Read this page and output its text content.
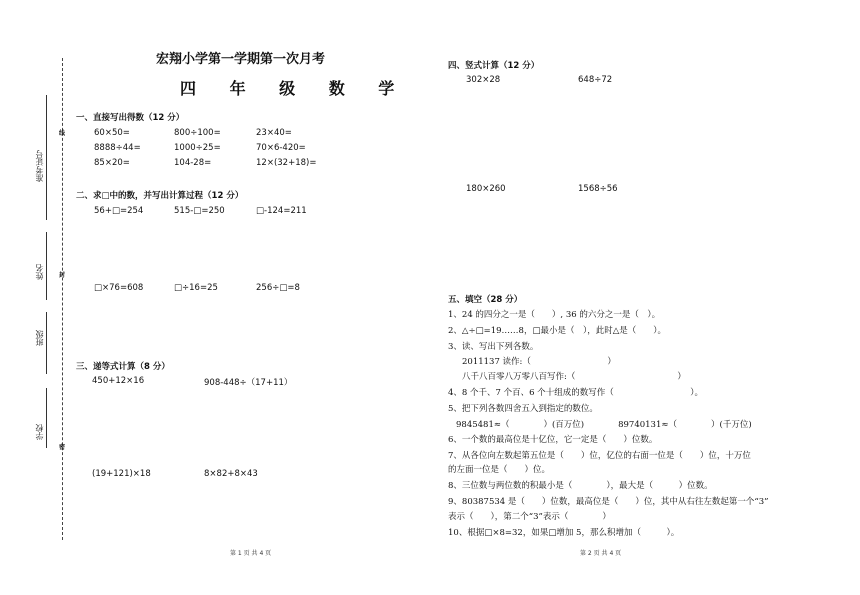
线
封
密
准考证号
姓名
班级
学校
宏翔小学第一学期第一次月考
四 年 级 数 学
一、直接写出得数（12 分）
60×50=	800÷100=	23×40=
8888÷44=	1000÷25=	70×6-420=
85×20=	104-28=	12×(32+18)=
二、求□中的数，并写出计算过程（12 分）
56+□=254	515-□=250	□-124=211
□×76=608	□÷16=25	256÷□=8
三、递等式计算（8 分）
450+12×16	908-448÷（17+11）
(19+121)×18	8×82+8×43
第 1 页 共 4 页
四、竖式计算（12 分）
302×28	648÷72
180×260	1568÷56
五、填空（28 分）
1、24 的四分之一是（　　）, 36 的六分之一是（　）。
2、△÷□=19……8，□最小是（　），此时△是（　　）。
3、读、写出下列各数。
2011137 读作:（　　　　　　　　　）
八千八百零八万零八百写作:（　　　　　　　　　　　　）
4、8 个千、7 个百、6 个十组成的数写作（　　　　　　　　　）。
5、把下列各数四舍五入到指定的数位。
9845481≈（　　　　）(百万位)　　　　89740131≈（　　　　）(千万位)
6、一个数的最高位是十亿位，它一定是（　　）位数。
7、从各位向左数起第五位是（　　）位，亿位的右面一位是（　　）位，十万位
的左面一位是（　　）位。
8、三位数与两位数的积最小是（　　　　），最大是（　　　）位数。
9、80387534 是（　　）位数，最高位是（　　）位，其中从右往左数起第一个“3”
表示（　　），第二个“3”表示（　　　　）
10、根据□×8=32，如果□增加 5，那么积增加（　　　）。
第 2 页 共 4 页
